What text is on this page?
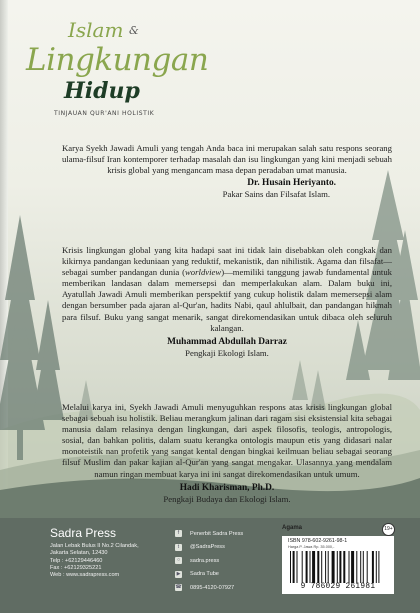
Islam &
Lingkungan
Hidup
TINJAUAN QUR'ANI HOLISTIK
Karya Syekh Jawadi Amuli yang tengah Anda baca ini merupakan salah satu respons seorang ulama-filsuf Iran kontemporer terhadap masalah dan isu lingkungan yang kini menjadi sebuah krisis global yang mengancam masa depan peradaban umat manusia.
Dr. Husain Heriyanto.
Pakar Sains dan Filsafat Islam.
Krisis lingkungan global yang kita hadapi saat ini tidak lain disebabkan oleh congkak dan kikirnya pandangan keduniaan yang reduktif, mekanistik, dan nihilistik. Agama dan filsafat—sebagai sumber pandangan dunia (worldview)—memiliki tanggung jawab fundamental untuk memberikan landasan dalam memersepsi dan memperlakukan alam. Dalam buku ini, Ayatullah Jawadi Amuli memberikan perspektif yang cukup holistik dalam memersepsi alam dengan bersumber pada ajaran al-Qur'an, hadits Nabi, qaul ahlulbait, dan pandangan hikmah para filsuf. Buku yang sangat menarik, sangat direkomendasikan untuk dibaca oleh seluruh kalangan.
Muhammad Abdullah Darraz
Pengkaji Ekologi Islam.
Melalui karya ini, Syekh Jawadi Amuli menyuguhkan respons atas krisis lingkungan global sebagai sebuah isu holistik. Beliau merangkum jalinan dari ragam sisi eksistensial kita sebagai manusia dalam relasinya dengan lingkungan, dari aspek filosofis, teologis, antropologis, sosial, dan bahkan politis, dalam suatu kerangka ontologis maupun etis yang didasari nalar monoteistik nan profetik yang sangat kental dengan bingkai keilmuan beliau sebagai seorang filsuf Muslim dan pakar kajian al-Qur'an yang sangat mengakar. Ulasannya yang mendalam namun ringan membuat karya ini ini sangat direkomendasikan untuk umum.
Hadi Kharisman, Ph.D.
Pengkaji Budaya dan Ekologi Islam.
Sadra Press
Jalan Lebak Bulus II No.2 Cilandak,
Jakarta Selatan, 12430
Telp : +62129446460
Fax : +62129325221
Web : www.sadrapress.com
f	Penerbit Sadra Press
t	@SadraPress
○	sadra.press
▶ Sadra Tube
☎ 0895-4120-07927
Agama	19+
ISBN 978-602-9261-98-1
Harga P. Jawa Rp. 35.000,-
9 786029 261981
